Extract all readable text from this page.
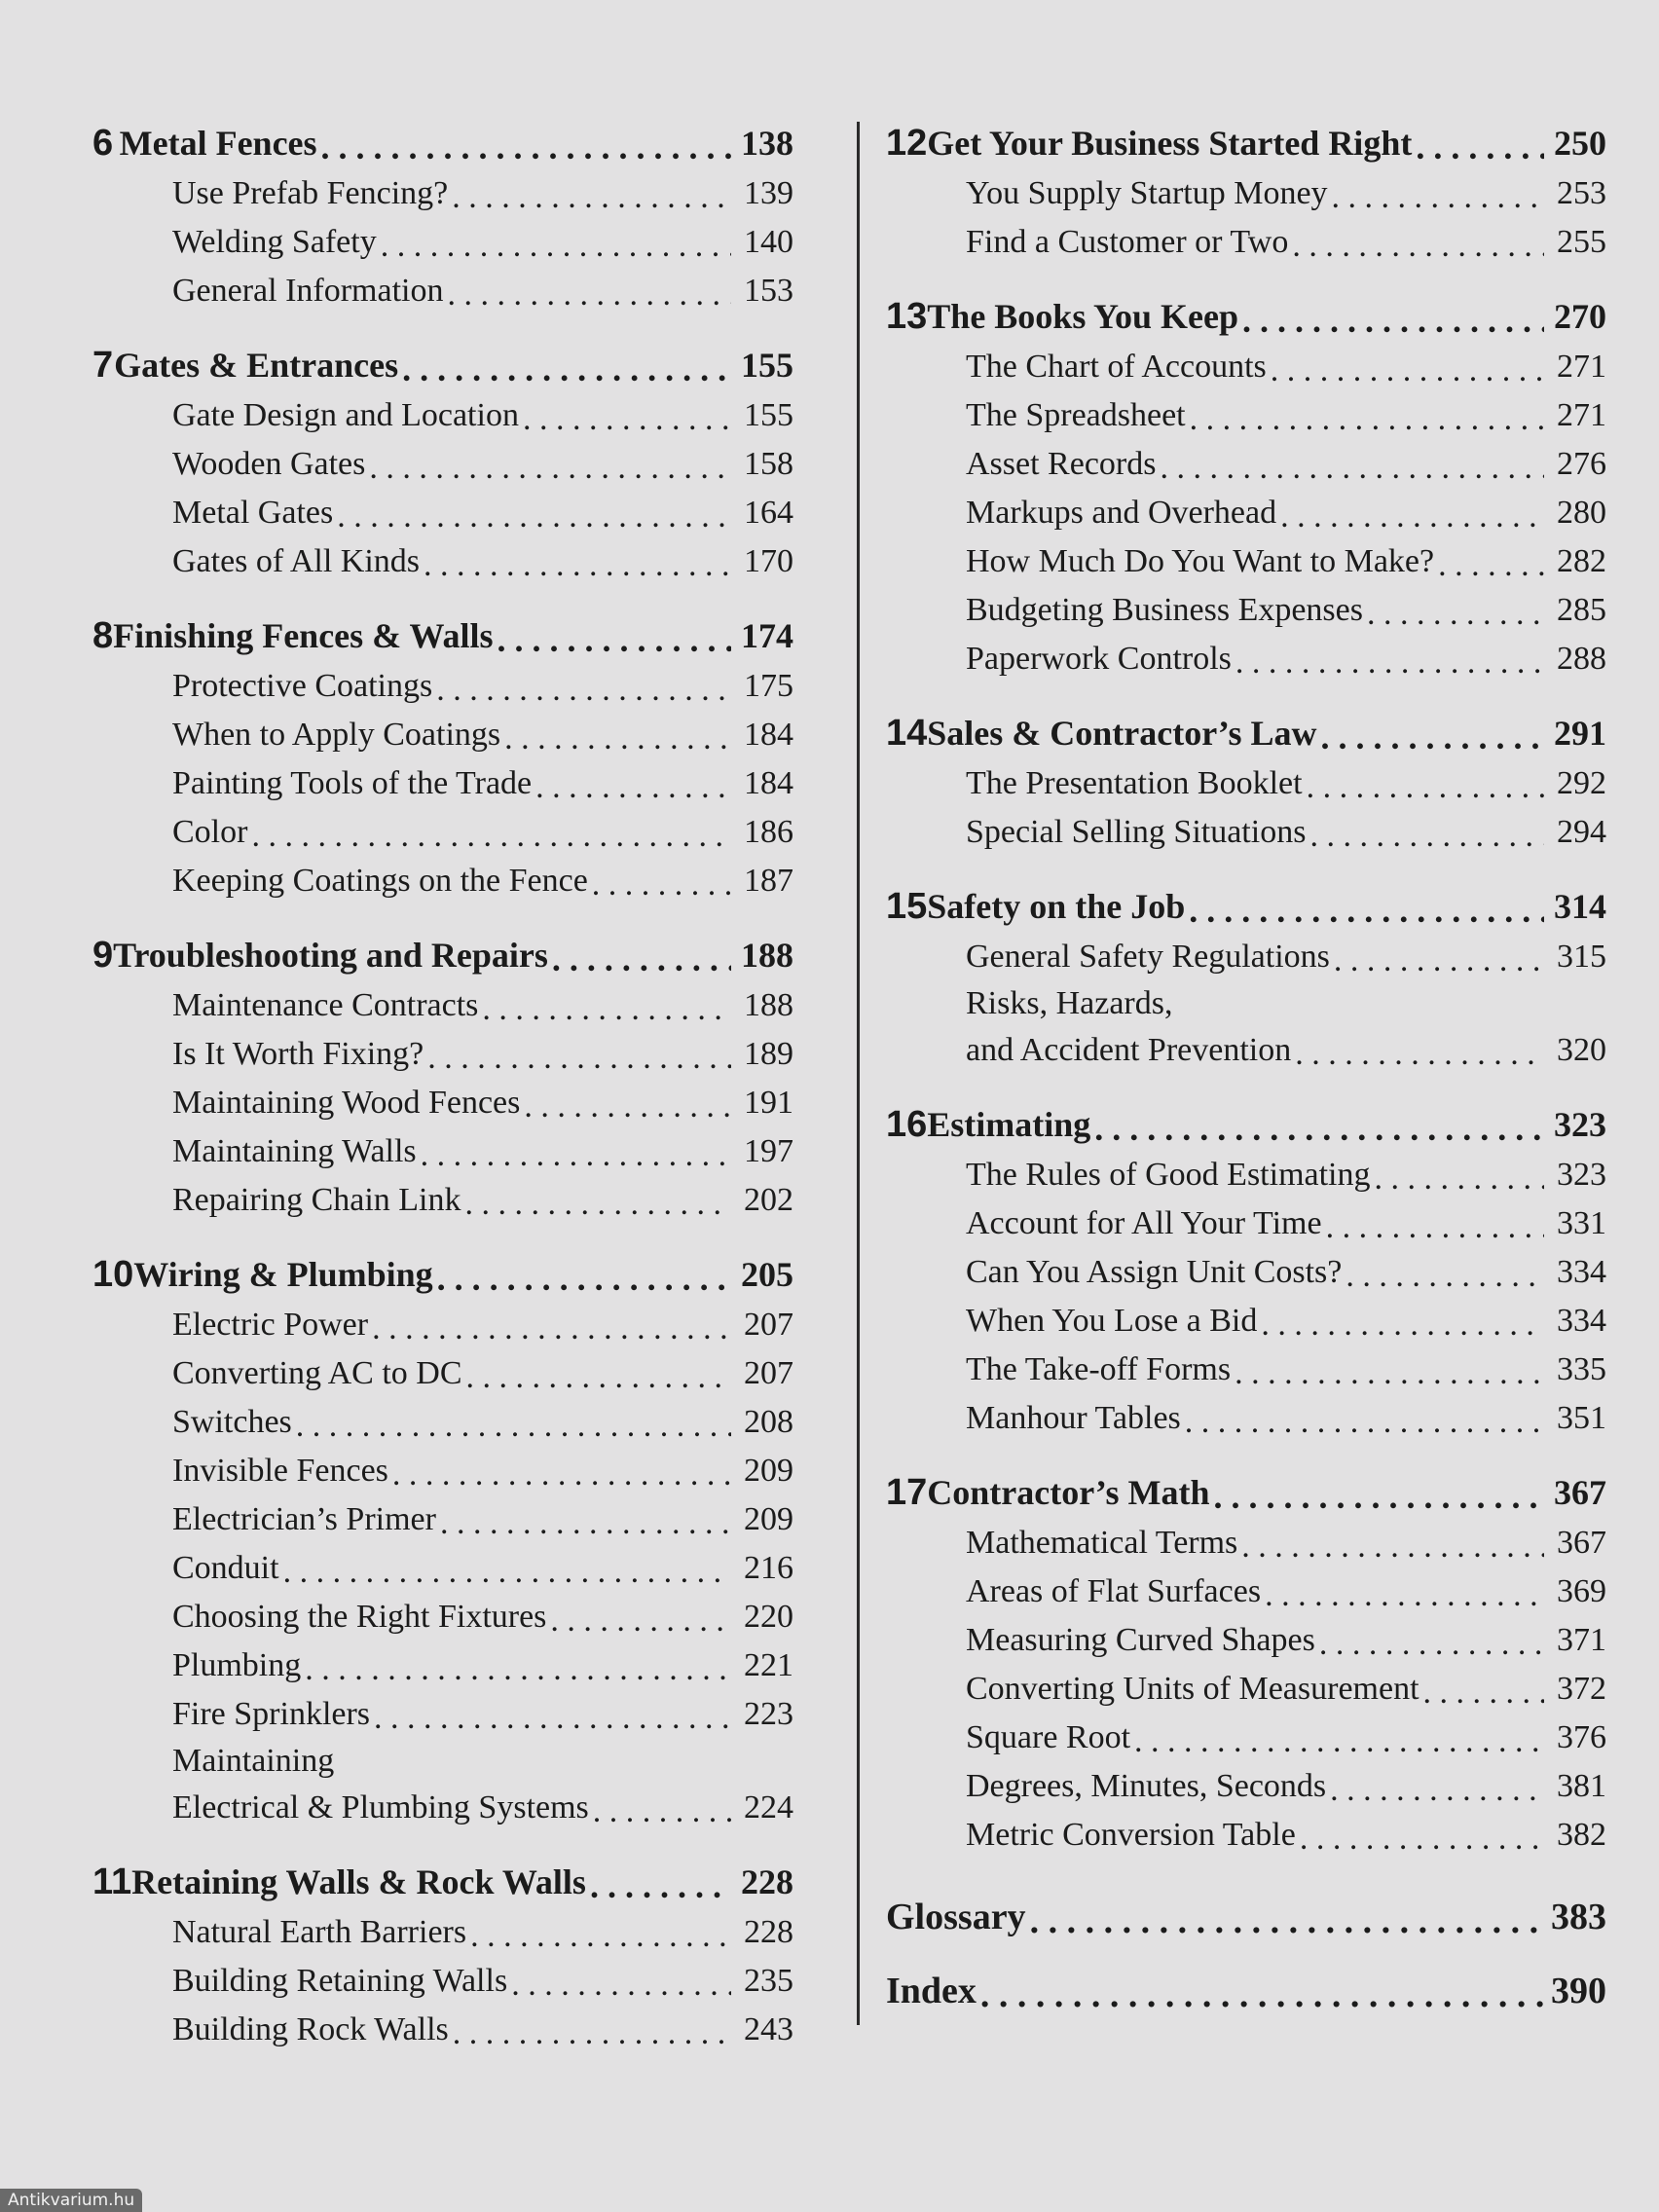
6 Metal Fences . . .	138
Use Prefab Fencing? . . .	139
Welding Safety . . .	140
General Information . . .	153
7 Gates & Entrances . . .	155
Gate Design and Location . . .	155
Wooden Gates . . .	158
Metal Gates . . .	164
Gates of All Kinds . . .	170
8 Finishing Fences & Walls . . .	174
Protective Coatings . . .	175
When to Apply Coatings . . .	184
Painting Tools of the Trade . . .	184
Color . . .	186
Keeping Coatings on the Fence . . .	187
9 Troubleshooting and Repairs . . .	188
Maintenance Contracts . . .	188
Is It Worth Fixing? . . .	189
Maintaining Wood Fences . . .	191
Maintaining Walls . . .	197
Repairing Chain Link . . .	202
10 Wiring & Plumbing . . .	205
Electric Power . . .	207
Converting AC to DC . . .	207
Switches . . .	208
Invisible Fences . . .	209
Electrician’s Primer . . .	209
Conduit . . .	216
Choosing the Right Fixtures . . .	220
Plumbing . . .	221
Fire Sprinklers . . .	223
Maintaining
Electrical & Plumbing Systems . . .	224
11 Retaining Walls & Rock Walls . . .	228
Natural Earth Barriers . . .	228
Building Retaining Walls . . .	235
Building Rock Walls . . .	243
12 Get Your Business Started Right . . .	250
You Supply Startup Money . . .	253
Find a Customer or Two . . .	255
13 The Books You Keep . . .	270
The Chart of Accounts . . .	271
The Spreadsheet . . .	271
Asset Records . . .	276
Markups and Overhead . . .	280
How Much Do You Want to Make? . . .	282
Budgeting Business Expenses . . .	285
Paperwork Controls . . .	288
14 Sales & Contractor’s Law . . .	291
The Presentation Booklet . . .	292
Special Selling Situations . . .	294
15 Safety on the Job . . .	314
General Safety Regulations . . .	315
Risks, Hazards,
and Accident Prevention . . .	320
16 Estimating . . .	323
The Rules of Good Estimating . . .	323
Account for All Your Time . . .	331
Can You Assign Unit Costs? . . .	334
When You Lose a Bid . . .	334
The Take-off Forms . . .	335
Manhour Tables . . .	351
17 Contractor’s Math . . .	367
Mathematical Terms . . .	367
Areas of Flat Surfaces . . .	369
Measuring Curved Shapes . . .	371
Converting Units of Measurement . . .	372
Square Root . . .	376
Degrees, Minutes, Seconds . . .	381
Metric Conversion Table . . .	382
Glossary . . .	383
Index . . .	390
Antikvarium.hu
